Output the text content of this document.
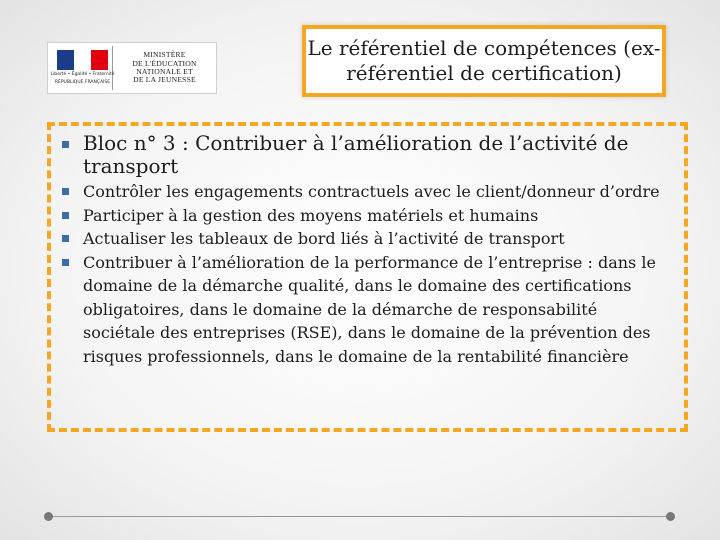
Liberté • Égalité • Fraternité
RÉPUBLIQUE FRANÇAISE
MINISTÈRE
DE L'ÉDUCATION
NATIONALE ET
DE LA JEUNESSE
Le référentiel de compétences (ex-
référentiel de certification)
Bloc n° 3 : Contribuer à l’amélioration de l’activité de transport
Contrôler les engagements contractuels avec le client/donneur d’ordre
Participer à la gestion des moyens matériels et humains
Actualiser les tableaux de bord liés à l’activité de transport
Contribuer à l’amélioration de la performance de l’entreprise : dans le domaine de la démarche qualité, dans le domaine des certifications obligatoires, dans le domaine de la démarche de responsabilité sociétale des entreprises (RSE), dans le domaine de la prévention des risques professionnels, dans le domaine de la rentabilité financière
